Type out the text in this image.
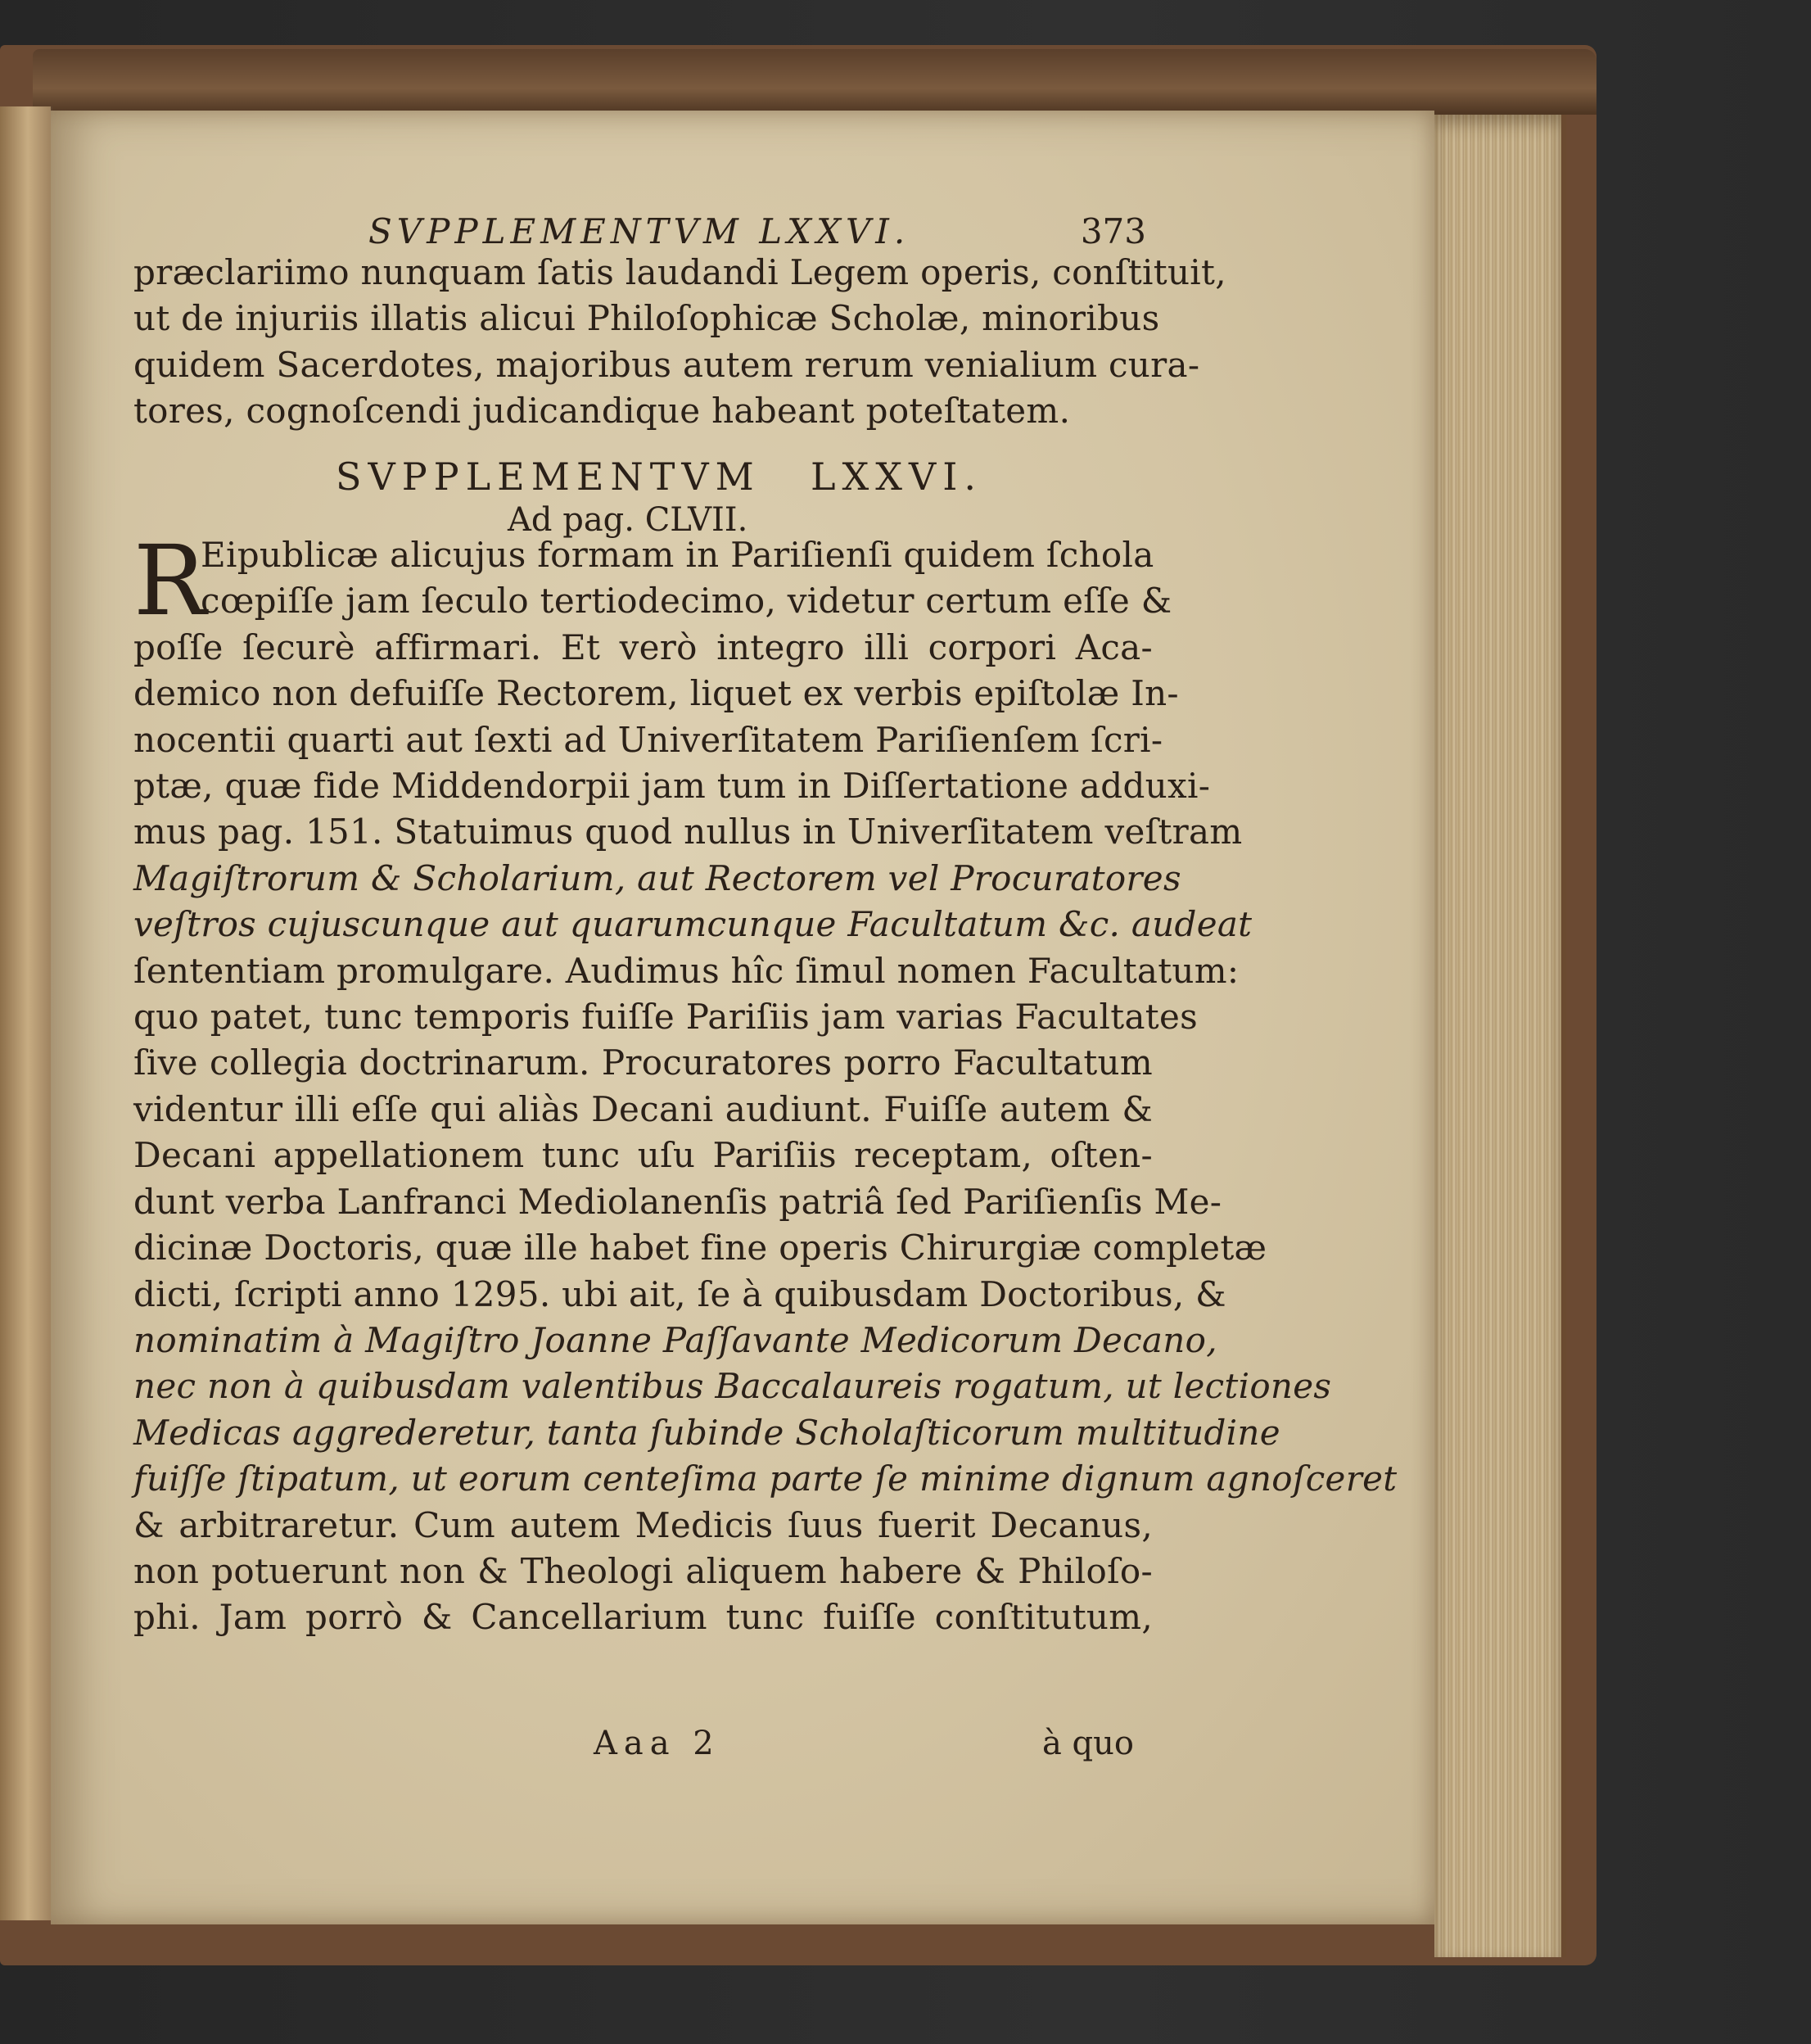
SVPPLEMENTVM LXXVI.	373
præclariimo nunquam ſatis laudandi Legem operis, conſtituit,
ut de injuriis illatis alicui Philoſophicæ Scholæ, minoribus
quidem Sacerdotes, majoribus autem rerum venialium cura-
tores, cognoſcendi judicandique habeant poteſtatem.
SVPPLEMENTVM LXXVI.
Ad pag. CLVII.
R
Eipublicæ alicujus formam in Pariſienſi quidem ſchola
cœpiſſe jam ſeculo tertiodecimo, videtur certum eſſe &
poſſe ſecurè affirmari. Et verò integro illi corpori Aca-
demico non defuiſſe Rectorem, liquet ex verbis epiſtolæ In-
nocentii quarti aut ſexti ad Univerſitatem Pariſienſem ſcri-
ptæ, quæ fide Middendorpii jam tum in Diſſertatione adduxi-
mus pag. 151. Statuimus quod nullus in Univerſitatem veſtram
Magiſtrorum & Scholarium, aut Rectorem vel Procuratores
veſtros cujuscunque aut quarumcunque Facultatum &c. audeat
ſententiam promulgare. Audimus hîc ſimul nomen Facultatum:
quo patet, tunc temporis fuiſſe Pariſiis jam varias Facultates
ſive collegia doctrinarum. Procuratores porro Facultatum
videntur illi eſſe qui aliàs Decani audiunt. Fuiſſe autem &
Decani appellationem tunc uſu Pariſiis receptam, oſten-
dunt verba Lanfranci Mediolanenſis patriâ ſed Pariſienſis Me-
dicinæ Doctoris, quæ ille habet fine operis Chirurgiæ completæ
dicti, ſcripti anno 1295. ubi ait, ſe à quibusdam Doctoribus, &
nominatim à Magiſtro Joanne Paſſavante Medicorum Decano,
nec non à quibusdam valentibus Baccalaureis rogatum, ut lectiones
Medicas aggrederetur, tanta ſubinde Scholaſticorum multitudine
fuiſſe ſtipatum, ut eorum centeſima parte ſe minime dignum agnoſceret
& arbitraretur. Cum autem Medicis ſuus fuerit Decanus,
non potuerunt non & Theologi aliquem habere & Philoſo-
phi. Jam porrò & Cancellarium tunc fuiſſe conſtitutum,
Aaa 2	à quo
